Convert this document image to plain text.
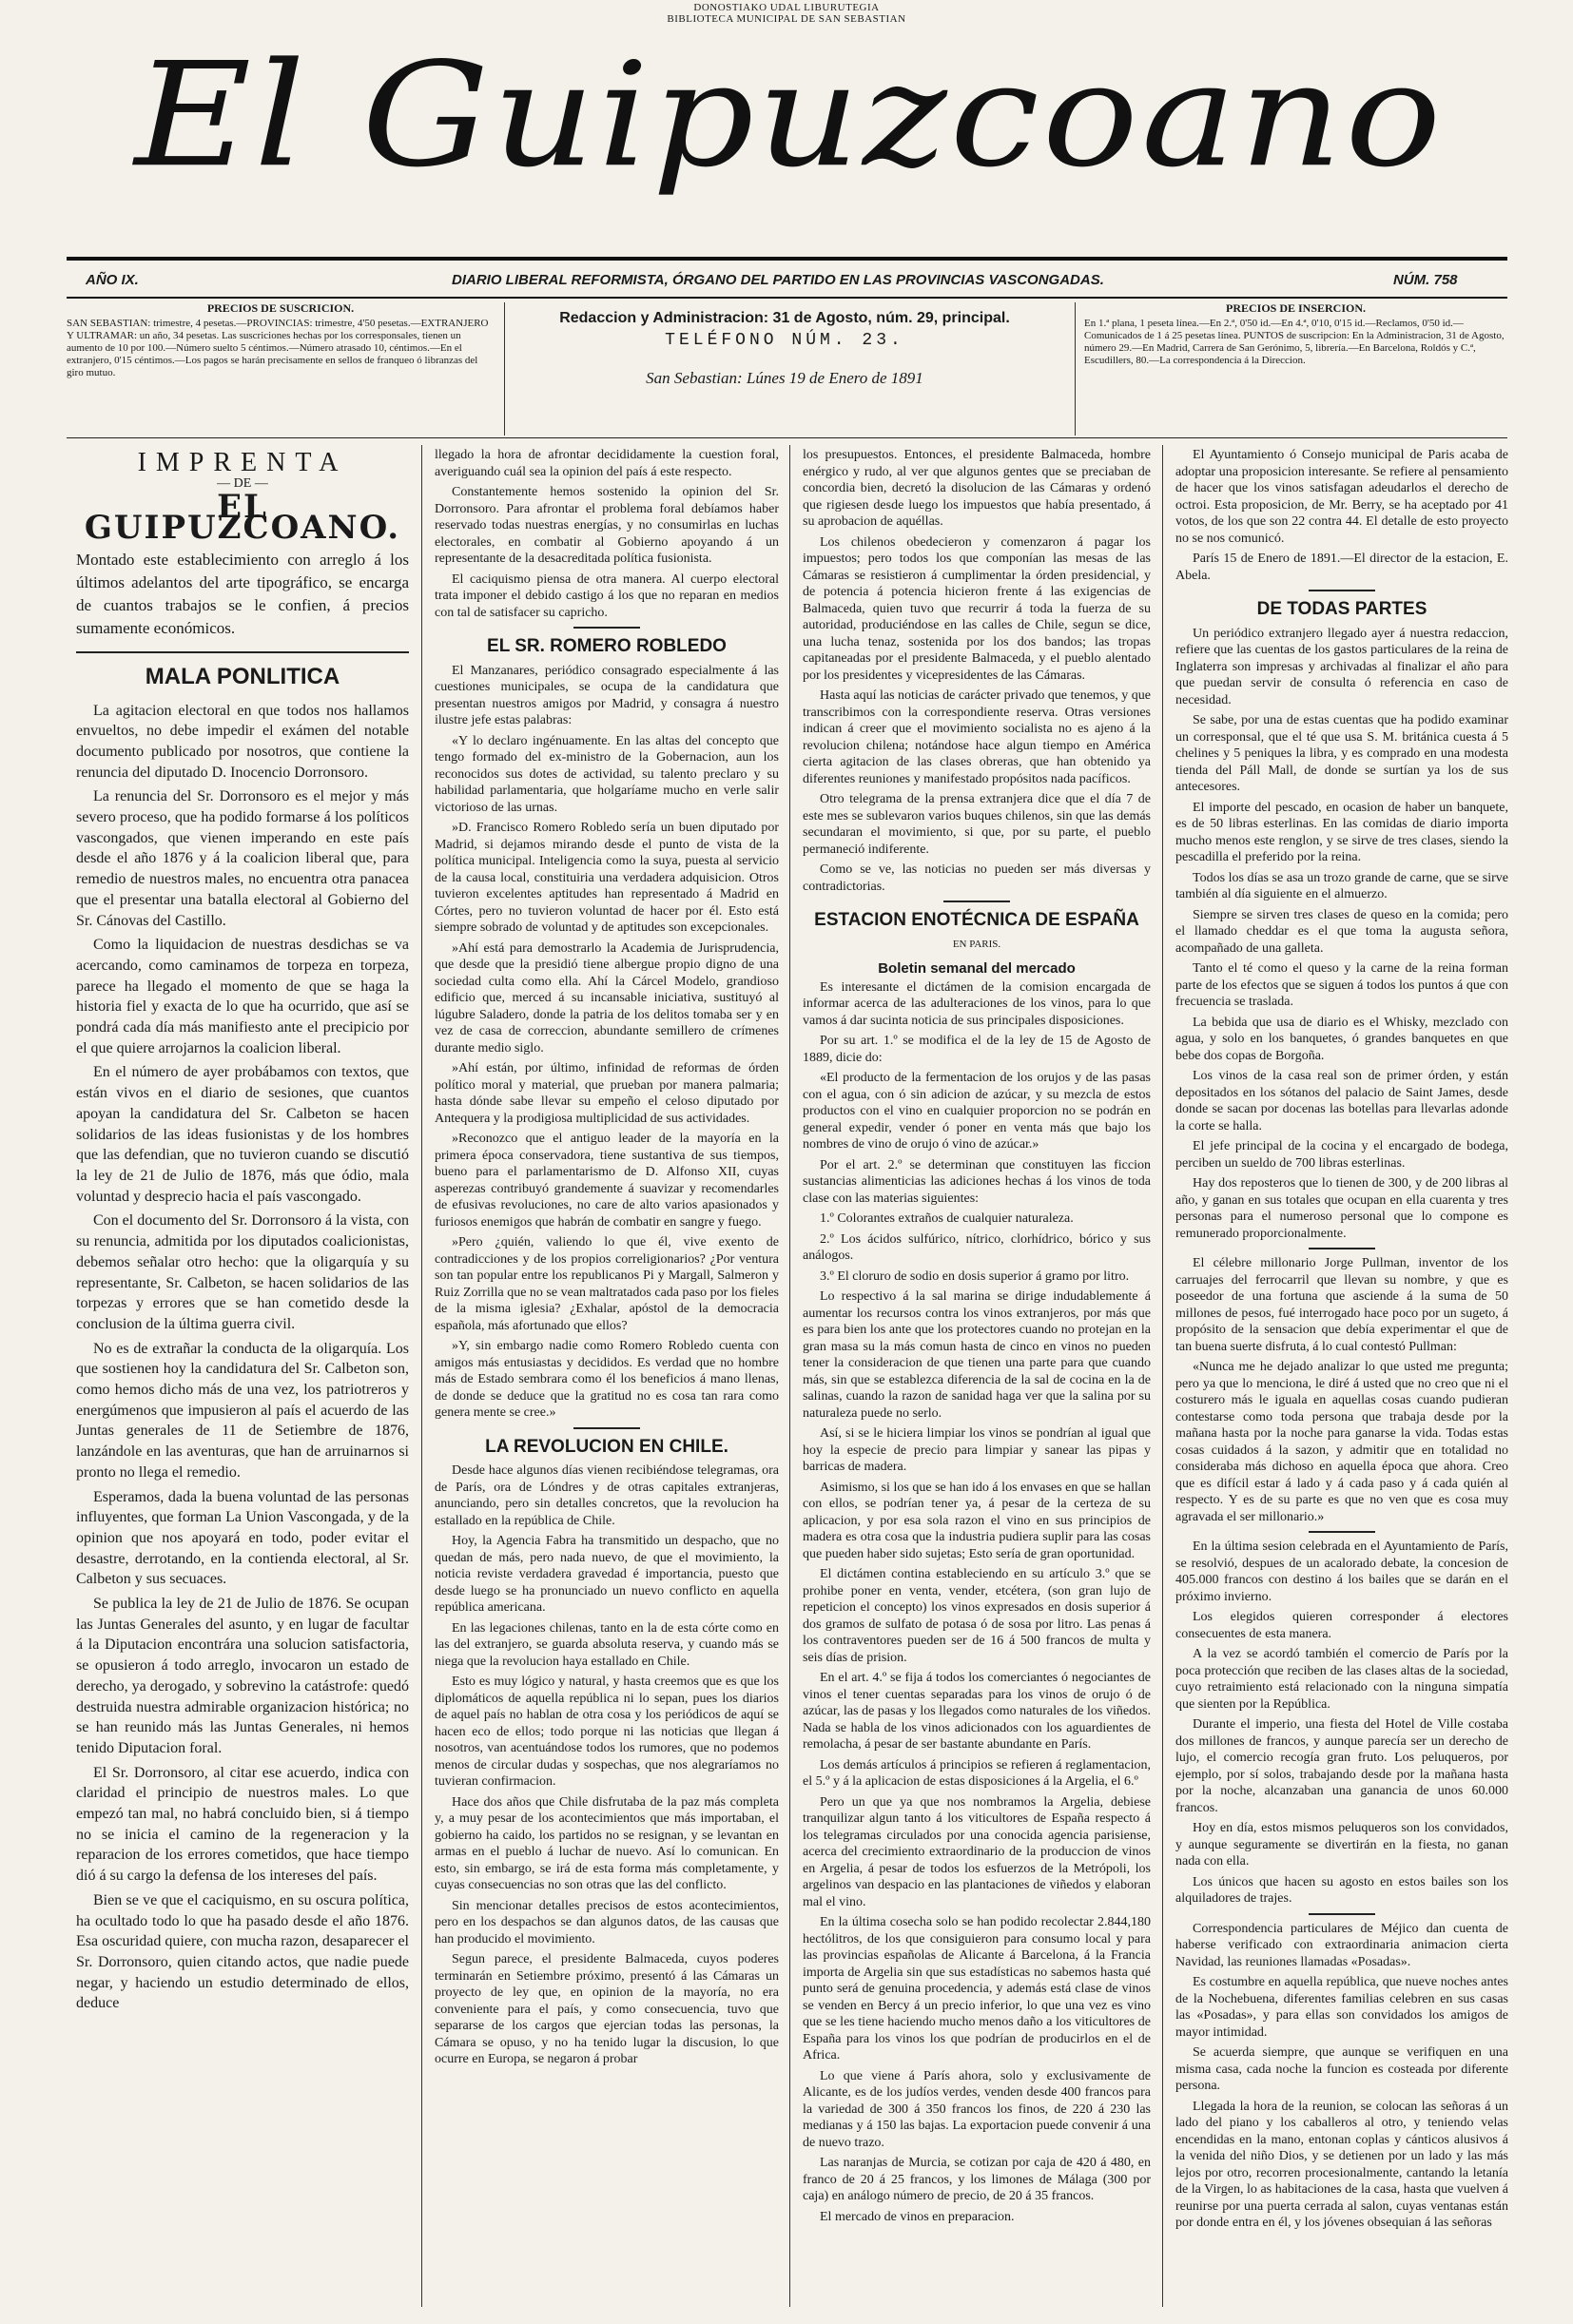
DONOSTIAKO UDAL LIBURUTEGIA
BIBLIOTECA MUNICIPAL DE SAN SEBASTIAN
El Guipuzcoano
AÑO IX.	DIARIO LIBERAL REFORMISTA, ÓRGANO DEL PARTIDO EN LAS PROVINCIAS VASCONGADAS.	NÚM. 758
PRECIOS DE SUSCRICION.
SAN SEBASTIAN: trimestre, 4 pesetas.—PROVINCIAS: trimestre, 4'50 pesetas.—EXTRANJERO Y ULTRAMAR: un año, 34 pesetas. Las suscriciones hechas por los corresponsales, tienen un aumento de 10 por 100.—Número suelto 5 céntimos.—Número atrasado 10, céntimos.—En el extranjero, 0'15 céntimos.—Los pagos se harán precisamente en sellos de franqueo ó libranzas del giro mutuo.
Redaccion y Administracion: 31 de Agosto, núm. 29, principal.
TELÉFONO NÚM. 23.
San Sebastian: Lúnes 19 de Enero de 1891
PRECIOS DE INSERCION.
En 1.ª plana, 1 peseta línea.—En 2.ª, 0'50 id.—En 4.ª, 0'10, 0'15 id.—Reclamos, 0'50 id.—Comunicados de 1 á 25 pesetas línea. PUNTOS de suscripcion: En la Administracion, 31 de Agosto, número 29.—En Madrid, Carrera de San Gerónimo, 5, librería.—En Barcelona, Roldós y C.ª, Escudillers, 80.—La correspondencia á la Direccion.
IMPRENTA
— DE —
EL GUIPUZCOANO.
Montado este establecimiento con arreglo á los últimos adelantos del arte tipográfico, se encarga de cuantos trabajos se le confien, á precios sumamente económicos.
MALA PONLITICA

La agitacion electoral en que todos nos hallamos envueltos, no debe impedir el exámen del notable documento publicado por nosotros, que contiene la renuncia del diputado D. Inocencio Dorronsoro.

La renuncia del Sr. Dorronsoro es el mejor y más severo proceso, que ha podido formarse á los políticos vascongados, que vienen imperando en este país desde el año 1876 y á la coalicion liberal que, para remedio de nuestros males, no encuentra otra panacea que el presentar una batalla electoral al Gobierno del Sr. Cánovas del Castillo.

Como la liquidacion de nuestras desdichas se va acercando, como caminamos de torpeza en torpeza, parece ha llegado el momento de que se haga la historia fiel y exacta de lo que ha ocurrido, que así se pondrá cada día más manifiesto ante el precipicio por el que quiere arrojarnos la coalicion liberal.

En el número de ayer probábamos con textos, que están vivos en el diario de sesiones, que cuantos apoyan la candidatura del Sr. Calbeton se hacen solidarios de las ideas fusionistas y de los hombres que las defendian, que no tuvieron cuando se discutió la ley de 21 de Julio de 1876, más que ódio, mala voluntad y desprecio hacia el país vascongado.

Con el documento del Sr. Dorronsoro á la vista, con su renuncia, admitida por los diputados coalicionistas, debemos señalar otro hecho: que la oligarquía y su representante, Sr. Calbeton, se hacen solidarios de las torpezas y errores que se han cometido desde la conclusion de la última guerra civil.

No es de extrañar la conducta de la oligarquía. Los que sostienen hoy la candidatura del Sr. Calbeton son, como hemos dicho más de una vez, los patriotreros y energúmenos que impusieron al país el acuerdo de las Juntas generales de 11 de Setiembre de 1876, lanzándole en las aventuras, que han de arruinarnos si pronto no llega el remedio.

Esperamos, dada la buena voluntad de las personas influyentes, que forman La Union Vascongada, y de la opinion que nos apoyará en todo, poder evitar el desastre, derrotando, en la contienda electoral, al Sr. Calbeton y sus secuaces.

Se publica la ley de 21 de Julio de 1876. Se ocupan las Juntas Generales del asunto, y en lugar de facultar á la Diputacion encontrára una solucion satisfactoria, se opusieron á todo arreglo, invocaron un estado de derecho, ya derogado, y sobrevino la catástrofe: quedó destruida nuestra admirable organizacion histórica; no se han reunido más las Juntas Generales, ni hemos tenido Diputacion foral.

El Sr. Dorronsoro, al citar ese acuerdo, indica con claridad el principio de nuestros males. Lo que empezó tan mal, no habrá concluido bien, si á tiempo no se inicia el camino de la regeneracion y la reparacion de los errores cometidos, que hace tiempo dió á su cargo la defensa de los intereses del país.

Bien se ve que el caciquismo, en su oscura política, ha ocultado todo lo que ha pasado desde el año 1876. Esa oscuridad quiere, con mucha razon, desaparecer el Sr. Dorronsoro, quien citando actos, que nadie puede negar, y haciendo un estudio determinado de ellos, deduce

llegado la hora de afrontar decididamente la cuestion foral, averiguando cuál sea la opinion del país á este respecto.

Constantemente hemos sostenido la opinion del Sr. Dorronsoro. Para afrontar el problema foral debíamos haber reservado todas nuestras energías, y no consumirlas en luchas electorales, en combatir al Gobierno apoyando á un representante de la desacreditada política fusionista.

El caciquismo piensa de otra manera. Al cuerpo electoral trata imponer el debido castigo á los que no reparan en medios con tal de satisfacer su capricho.

EL SR. ROMERO ROBLEDO

El Manzanares, periódico consagrado especialmente á las cuestiones municipales, se ocupa de la candidatura que presentan nuestros amigos por Madrid, y consagra á nuestro ilustre jefe estas palabras:

«Y lo declaro ingénuamente. En las altas del concepto que tengo formado del ex-ministro de la Gobernacion, aun los reconocidos sus dotes de actividad, su talento preclaro y su habilidad parlamentaria, que holgaríame mucho en verle salir victorioso de las urnas.

»D. Francisco Romero Robledo sería un buen diputado por Madrid, si dejamos mirando desde el punto de vista de la política municipal. Inteligencia como la suya, puesta al servicio de la causa local, constituiria una verdadera adquisicion. Otros tuvieron excelentes aptitudes han representado á Madrid en Córtes, pero no tuvieron voluntad de hacer por él. Esto está siempre sobrado de voluntad y de aptitudes son excepcionales.

»Ahí está para demostrarlo la Academia de Jurisprudencia, que desde que la presidió tiene albergue propio digno de una sociedad culta como ella. Ahí la Cárcel Modelo, grandioso edificio que, merced á su incansable iniciativa, sustituyó al lúgubre Saladero, donde la patria de los delitos tomaba ser y en vez de casa de correccion, abundante semillero de crímenes durante medio siglo.

»Ahí están, por último, infinidad de reformas de órden político moral y material, que prueban por manera palmaria; hasta dónde sabe llevar su empeño el celoso diputado por Antequera y la prodigiosa multiplicidad de sus actividades.

»Reconozco que el antiguo leader de la mayoría en la primera época conservadora, tiene sustantiva de sus tiempos, bueno para el parlamentarismo de D. Alfonso XII, cuyas asperezas contribuyó grandemente á suavizar y recomendarles de efusivas revoluciones, no care de alto varios apasionados y furiosos enemigos que habrán de combatir en sangre y fuego.

»Pero ¿quién, valiendo lo que él, vive exento de contradicciones y de los propios correligionarios? ¿Por ventura son tan popular entre los republicanos Pi y Margall, Salmeron y Ruiz Zorrilla que no se vean maltratados cada paso por los fieles de la misma iglesia? ¿Exhalar, apóstol de la democracia española, más afortunado que ellos?

»Y, sin embargo nadie como Romero Robledo cuenta con amigos más entusiastas y decididos. Es verdad que no hombre más de Estado sembrara como él los beneficios á mano llenas, de donde se deduce que la gratitud no es cosa tan rara como genera mente se cree.»

LA REVOLUCION EN CHILE.

Desde hace algunos días vienen recibiéndose telegramas, ora de París, ora de Lóndres y de otras capitales extranjeras, anunciando, pero sin detalles concretos, que la revolucion ha estallado en la república de Chile.

Hoy, la Agencia Fabra ha transmitido un despacho, que no quedan de más, pero nada nuevo, de que el movimiento, la noticia reviste verdadera gravedad é importancia, puesto que desde luego se ha pronunciado un nuevo conflicto en aquella república americana.

En las legaciones chilenas, tanto en la de esta córte como en las del extranjero, se guarda absoluta reserva, y cuando más se niega que la revolucion haya estallado en Chile.

Esto es muy lógico y natural, y hasta creemos que es que los diplomáticos de aquella república ni lo sepan, pues los diarios de aquel país no hablan de otra cosa y los periódicos de aquí se hacen eco de ellos; todo porque ni las noticias que llegan á nosotros, van acentuándose todos los rumores, que no podemos menos de circular dudas y sospechas, que nos alegraríamos no tuvieran confirmacion.

Hace dos años que Chile disfrutaba de la paz más completa y, a muy pesar de los acontecimientos que más importaban, el gobierno ha caido, los partidos no se resignan, y se levantan en armas en el pueblo á luchar de nuevo. Así lo comunican. En esto, sin embargo, se irá de esta forma más completamente, y cuyas consecuencias no son otras que las del conflicto.

Sin mencionar detalles precisos de estos acontecimientos, pero en los despachos se dan algunos datos, de las causas que han producido el movimiento.

Segun parece, el presidente Balmaceda, cuyos poderes terminarán en Setiembre próximo, presentó á las Cámaras un proyecto de ley que, en opinion de la mayoría, no era conveniente para el país, y como consecuencia, tuvo que separarse de los cargos que ejercian todas las personas, la Cámara se opuso, y no ha tenido lugar la discusion, lo que ocurre en Europa, se negaron á probar

los presupuestos. Entonces, el presidente Balmaceda, hombre enérgico y rudo, al ver que algunos gentes que se preciaban de concordia bien, decretó la disolucion de las Cámaras y ordenó que rigiesen desde luego los impuestos que había presentado, á su aprobacion de aquéllas.

Los chilenos obedecieron y comenzaron á pagar los impuestos; pero todos los que componían las mesas de las Cámaras se resistieron á cumplimentar la órden presidencial, y de potencia á potencia hicieron frente á las exigencias de Balmaceda, quien tuvo que recurrir á toda la fuerza de su autoridad, produciéndose en las calles de Chile, segun se dice, una lucha tenaz, sostenida por los dos bandos; las tropas capitaneadas por el presidente Balmaceda, y el pueblo alentado por los presidentes y vicepresidentes de las Cámaras.

Hasta aquí las noticias de carácter privado que tenemos, y que transcribimos con la correspondiente reserva. Otras versiones indican á creer que el movimiento socialista no es ajeno á la revolucion chilena; notándose hace algun tiempo en América cierta agitacion de las clases obreras, que han obtenido ya diferentes reuniones y manifestado propósitos nada pacíficos.

Otro telegrama de la prensa extranjera dice que el día 7 de este mes se sublevaron varios buques chilenos, sin que las demás secundaran el movimiento, si que, por su parte, el pueblo permaneció indiferente.

Como se ve, las noticias no pueden ser más diversas y contradictorias.

ESTACION ENOTÉCNICA DE ESPAÑA
EN PARIS.
Boletin semanal del mercado

Es interesante el dictámen de la comision encargada de informar acerca de las adulteraciones de los vinos, para lo que vamos á dar sucinta noticia de sus principales disposiciones.

Por su art. 1.º se modifica el de la ley de 15 de Agosto de 1889, dicie do:

«El producto de la fermentacion de los orujos y de las pasas con el agua, con ó sin adicion de azúcar, y su mezcla de estos productos con el vino en cualquier proporcion no se podrán en general expedir, vender ó poner en venta más que bajo los nombres de vino de orujo ó vino de azúcar.»

Por el art. 2.º se determinan que constituyen las ficcion sustancias alimenticias las adiciones hechas á los vinos de toda clase con las materias siguientes:

1.º Colorantes extraños de cualquier naturaleza.

2.º Los ácidos sulfúrico, nítrico, clorhídrico, bórico y sus análogos.

3.º El cloruro de sodio en dosis superior á gramo por litro.

Lo respectivo á la sal marina se dirige indudablemente á aumentar los recursos contra los vinos extranjeros, por más que es para bien los ante que los protectores cuando no protejan en la gran masa su la más comun hasta de cinco en vinos no pueden tener la consideracion de que tienen una parte para que cuando más, sin que se establezca diferencia de la sal de cocina en la de salinas, cuando la razon de sanidad haga ver que la salina por su naturaleza puede no serlo.

Así, si se le hiciera limpiar los vinos se pondrían al igual que hoy la especie de precio para limpiar y sanear las pipas y barricas de madera.

Asimismo, si los que se han ido á los envases en que se hallan con ellos, se podrían tener ya, á pesar de la certeza de su aplicacion, y por esa sola razon el vino en sus principios de madera es otra cosa que la industria pudiera suplir para las cosas que pueden haber sido sujetas; Esto sería de gran oportunidad.

El dictámen contina estableciendo en su artículo 3.º que se prohibe poner en venta, vender, etcétera, (son gran lujo de repeticion el concepto) los vinos expresados en dosis superior á dos gramos de sulfato de potasa ó de sosa por litro. Las penas á los contraventores pueden ser de 16 á 500 francos de multa y seis días de prision.

En el art. 4.º se fija á todos los comerciantes ó negociantes de vinos el tener cuentas separadas para los vinos de orujo ó de azúcar, las de pasas y los llegados como naturales de los viñedos. Nada se habla de los vinos adicionados con los aguardientes de remolacha, á pesar de ser bastante abundante en París.

Los demás artículos á principios se refieren á reglamentacion, el 5.º y á la aplicacion de estas disposiciones á la Argelia, el 6.º

Pero un que ya que nos nombramos la Argelia, debiese tranquilizar algun tanto á los viticultores de España respecto á los telegramas circulados por una conocida agencia parisiense, acerca del crecimiento extraordinario de la produccion de vinos en Argelia, á pesar de todos los esfuerzos de la Metrópoli, los argelinos van despacio en las plantaciones de viñedos y elaboran mal el vino.

En la última cosecha solo se han podido recolectar 2.844,180 hectólitros, de los que consiguieron para consumo local y para las provincias españolas de Alicante á Barcelona, á la Francia importa de Argelia sin que sus estadísticas no sabemos hasta qué punto será de genuina procedencia, y además está clase de vinos se venden en Bercy á un precio inferior, lo que una vez es vino que se les tiene haciendo mucho menos daño a los viticultores de España para los vinos los que podrían de producirlos en el de Africa.

Lo que viene á París ahora, solo y exclusivamente de Alicante, es de los judíos verdes, venden desde 400 francos para la variedad de 300 á 350 francos los finos, de 220 á 230 las medianas y á 150 las bajas. La exportacion puede convenir á una de nuevo trazo.

Las naranjas de Murcia, se cotizan por caja de 420 á 480, en franco de 20 á 25 francos, y los limones de Málaga (300 por caja) en análogo número de precio, de 20 á 35 francos.

El mercado de vinos en preparacion.

El Ayuntamiento ó Consejo municipal de Paris acaba de adoptar una proposicion interesante. Se refiere al pensamiento de hacer que los vinos satisfagan adeudarlos el derecho de octroi. Esta proposicion, de Mr. Berry, se ha aceptado por 41 votos, de los que son 22 contra 44. El detalle de esto proyecto no se nos comunicó.

París 15 de Enero de 1891.—El director de la estacion, E. Abela.

DE TODAS PARTES

Un periódico extranjero llegado ayer á nuestra redaccion, refiere que las cuentas de los gastos particulares de la reina de Inglaterra son impresas y archivadas al finalizar el año para que puedan servir de consulta ó referencia en caso de necesidad.

Se sabe, por una de estas cuentas que ha podido examinar un corresponsal, que el té que usa S. M. británica cuesta á 5 chelines y 5 peniques la libra, y es comprado en una modesta tienda del Páll Mall, de donde se surtían ya los de sus antecesores.

El importe del pescado, en ocasion de haber un banquete, es de 50 libras esterlinas. En las comidas de diario importa mucho menos este renglon, y se sirve de tres clases, siendo la pescadilla el preferido por la reina.

Todos los días se asa un trozo grande de carne, que se sirve también al día siguiente en el almuerzo.

Siempre se sirven tres clases de queso en la comida; pero el llamado cheddar es el que toma la augusta señora, acompañado de una galleta.

Tanto el té como el queso y la carne de la reina forman parte de los efectos que se siguen á todos los puntos á que con frecuencia se traslada.

La bebida que usa de diario es el Whisky, mezclado con agua, y solo en los banquetes, ó grandes banquetes en que bebe dos copas de Borgoña.

Los vinos de la casa real son de primer órden, y están depositados en los sótanos del palacio de Saint James, desde donde se sacan por docenas las botellas para llevarlas adonde la corte se halla.

El jefe principal de la cocina y el encargado de bodega, perciben un sueldo de 700 libras esterlinas.

Hay dos reposteros que lo tienen de 300, y de 200 libras al año, y ganan en sus totales que ocupan en ella cuarenta y tres personas para el numeroso personal que lo compone es remunerado proporcionalmente.

El célebre millonario Jorge Pullman, inventor de los carruajes del ferrocarril que llevan su nombre, y que es poseedor de una fortuna que asciende á la suma de 50 millones de pesos, fué interrogado hace poco por un sugeto, á propósito de la sensacion que debía experimentar el que de tan buena suerte disfruta, á lo cual contestó Pullman:

«Nunca me he dejado analizar lo que usted me pregunta; pero ya que lo menciona, le diré á usted que no creo que ni el costurero más le iguala en aquellas cosas cuando pudieran contestarse como toda persona que trabaja desde por la mañana hasta por la noche para ganarse la vida. Todas estas cosas cuidados á la sazon, y admitir que en totalidad no consideraba más dichoso en aquella época que ahora. Creo que es difícil estar á lado y á cada paso y á cada quién al respecto. Y es de su parte es que no ven que es cosa muy agravada el ser millonario.»

En la última sesion celebrada en el Ayuntamiento de París, se resolvió, despues de un acalorado debate, la concesion de 405.000 francos con destino á los bailes que se darán en el próximo invierno.

Los elegidos quieren corresponder á electores consecuentes de esta manera.

A la vez se acordó también el comercio de París por la poca protección que reciben de las clases altas de la sociedad, cuyo retraimiento está relacionado con la ninguna simpatía que sienten por la República.

Durante el imperio, una fiesta del Hotel de Ville costaba dos millones de francos, y aunque parecía ser un derecho de lujo, el comercio recogía gran fruto. Los peluqueros, por ejemplo, por sí solos, trabajando desde por la mañana hasta por la noche, alcanzaban una ganancia de unos 60.000 francos.

Hoy en día, estos mismos peluqueros son los convidados, y aunque seguramente se divertirán en la fiesta, no ganan nada con ella.

Los únicos que hacen su agosto en estos bailes son los alquiladores de trajes.

Correspondencia particulares de Méjico dan cuenta de haberse verificado con extraordinaria animacion cierta Navidad, las reuniones llamadas «Posadas».

Es costumbre en aquella república, que nueve noches antes de la Nochebuena, diferentes familias celebren en sus casas las «Posadas», y para ellas son convidados los amigos de mayor intimidad.

Se acuerda siempre, que aunque se verifiquen en una misma casa, cada noche la funcion es costeada por diferente persona.

Llegada la hora de la reunion, se colocan las señoras á un lado del piano y los caballeros al otro, y teniendo velas encendidas en la mano, entonan coplas y cánticos alusivos á la venida del niño Dios, y se detienen por un lado y las más lejos por otro, recorren procesionalmente, cantando la letanía de la Virgen, lo as habitaciones de la casa, hasta que vuelven á reunirse por una puerta cerrada al salon, cuyas ventanas están por donde entra en él, y los jóvenes obsequian á las señoras
